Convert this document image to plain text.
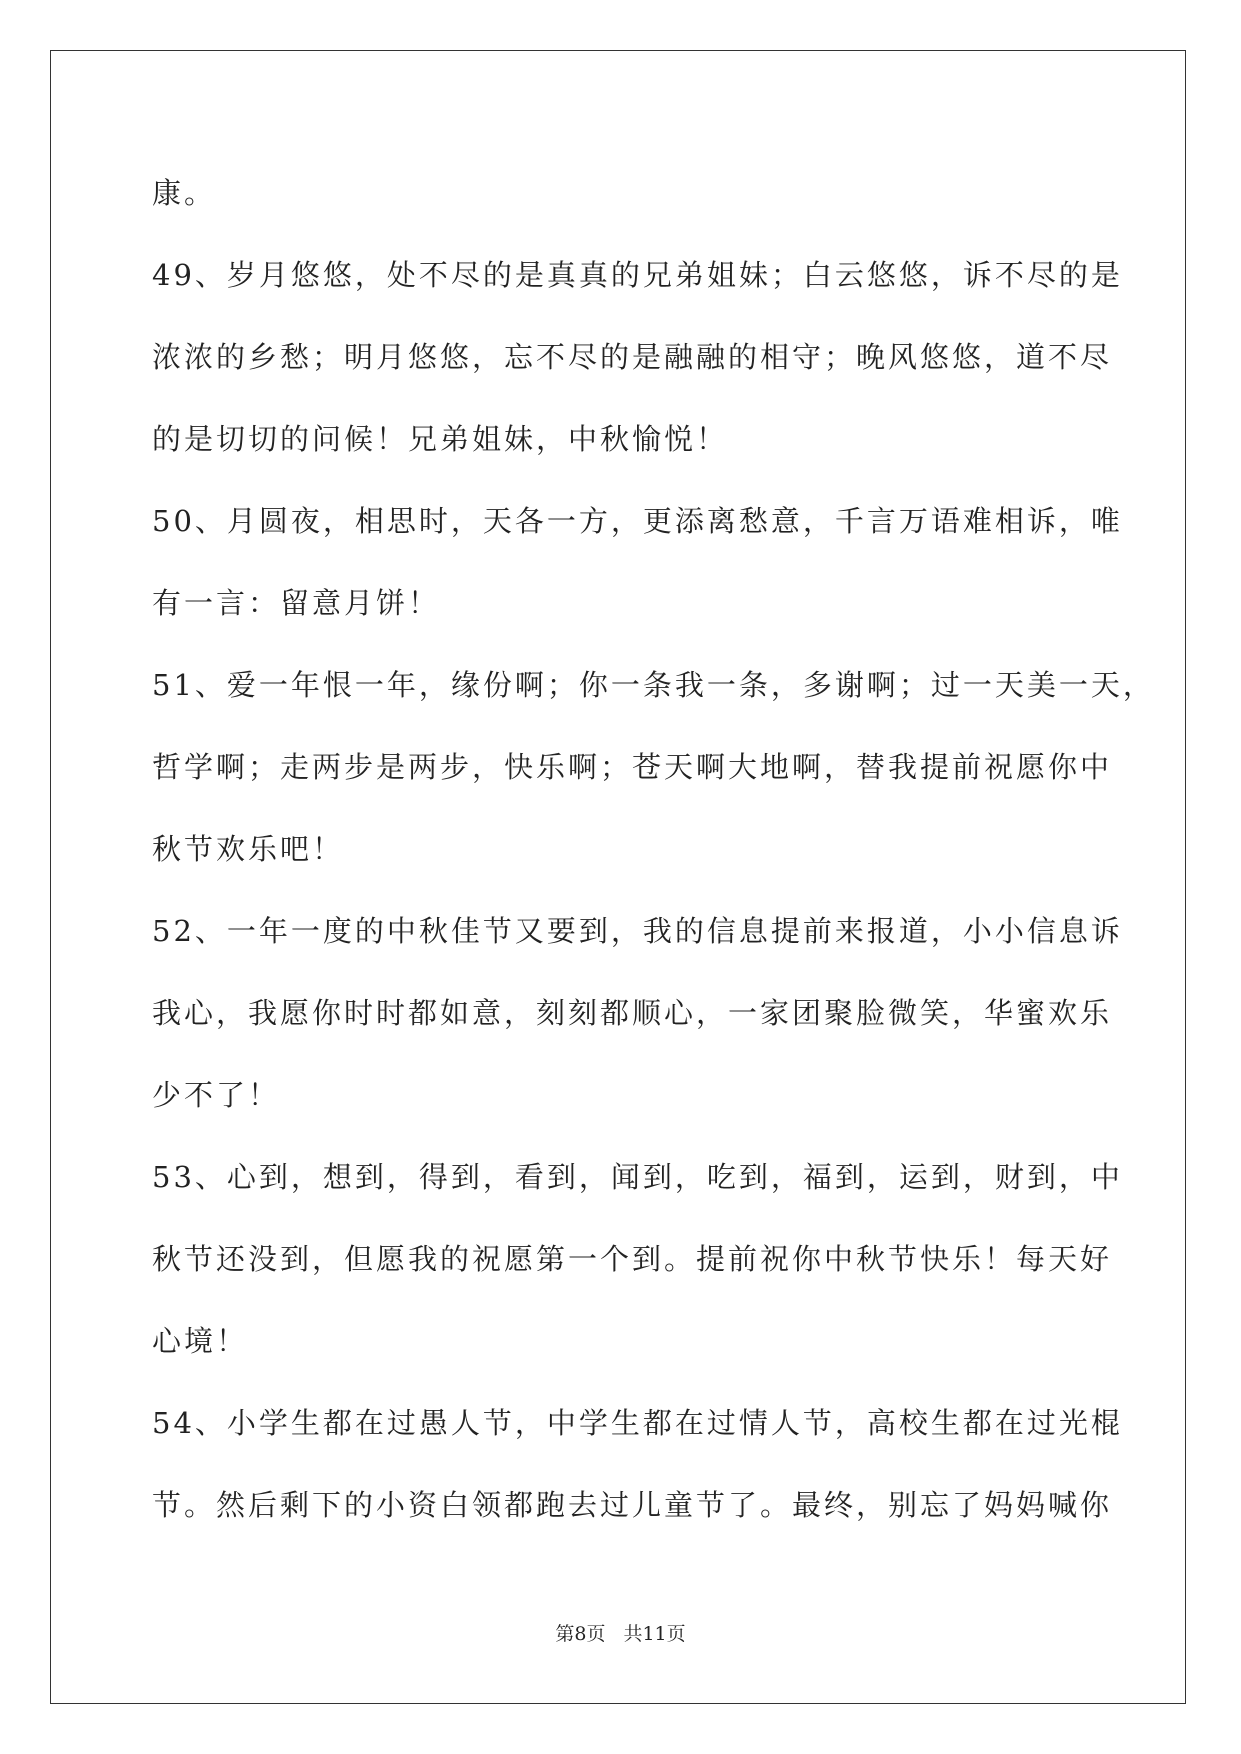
康。
49、岁月悠悠，处不尽的是真真的兄弟姐妹；白云悠悠，诉不尽的是
浓浓的乡愁；明月悠悠，忘不尽的是融融的相守；晚风悠悠，道不尽
的是切切的问候！兄弟姐妹，中秋愉悦！
50、月圆夜，相思时，天各一方，更添离愁意，千言万语难相诉，唯
有一言：留意月饼！
51、爱一年恨一年，缘份啊；你一条我一条，多谢啊；过一天美一天，
哲学啊；走两步是两步，快乐啊；苍天啊大地啊，替我提前祝愿你中
秋节欢乐吧！
52、一年一度的中秋佳节又要到，我的信息提前来报道，小小信息诉
我心，我愿你时时都如意，刻刻都顺心，一家团聚脸微笑，华蜜欢乐
少不了！
53、心到，想到，得到，看到，闻到，吃到，福到，运到，财到，中
秋节还没到，但愿我的祝愿第一个到。提前祝你中秋节快乐！每天好
心境！
54、小学生都在过愚人节，中学生都在过情人节，高校生都在过光棍
节。然后剩下的小资白领都跑去过儿童节了。最终，别忘了妈妈喊你
第8页 共11页
